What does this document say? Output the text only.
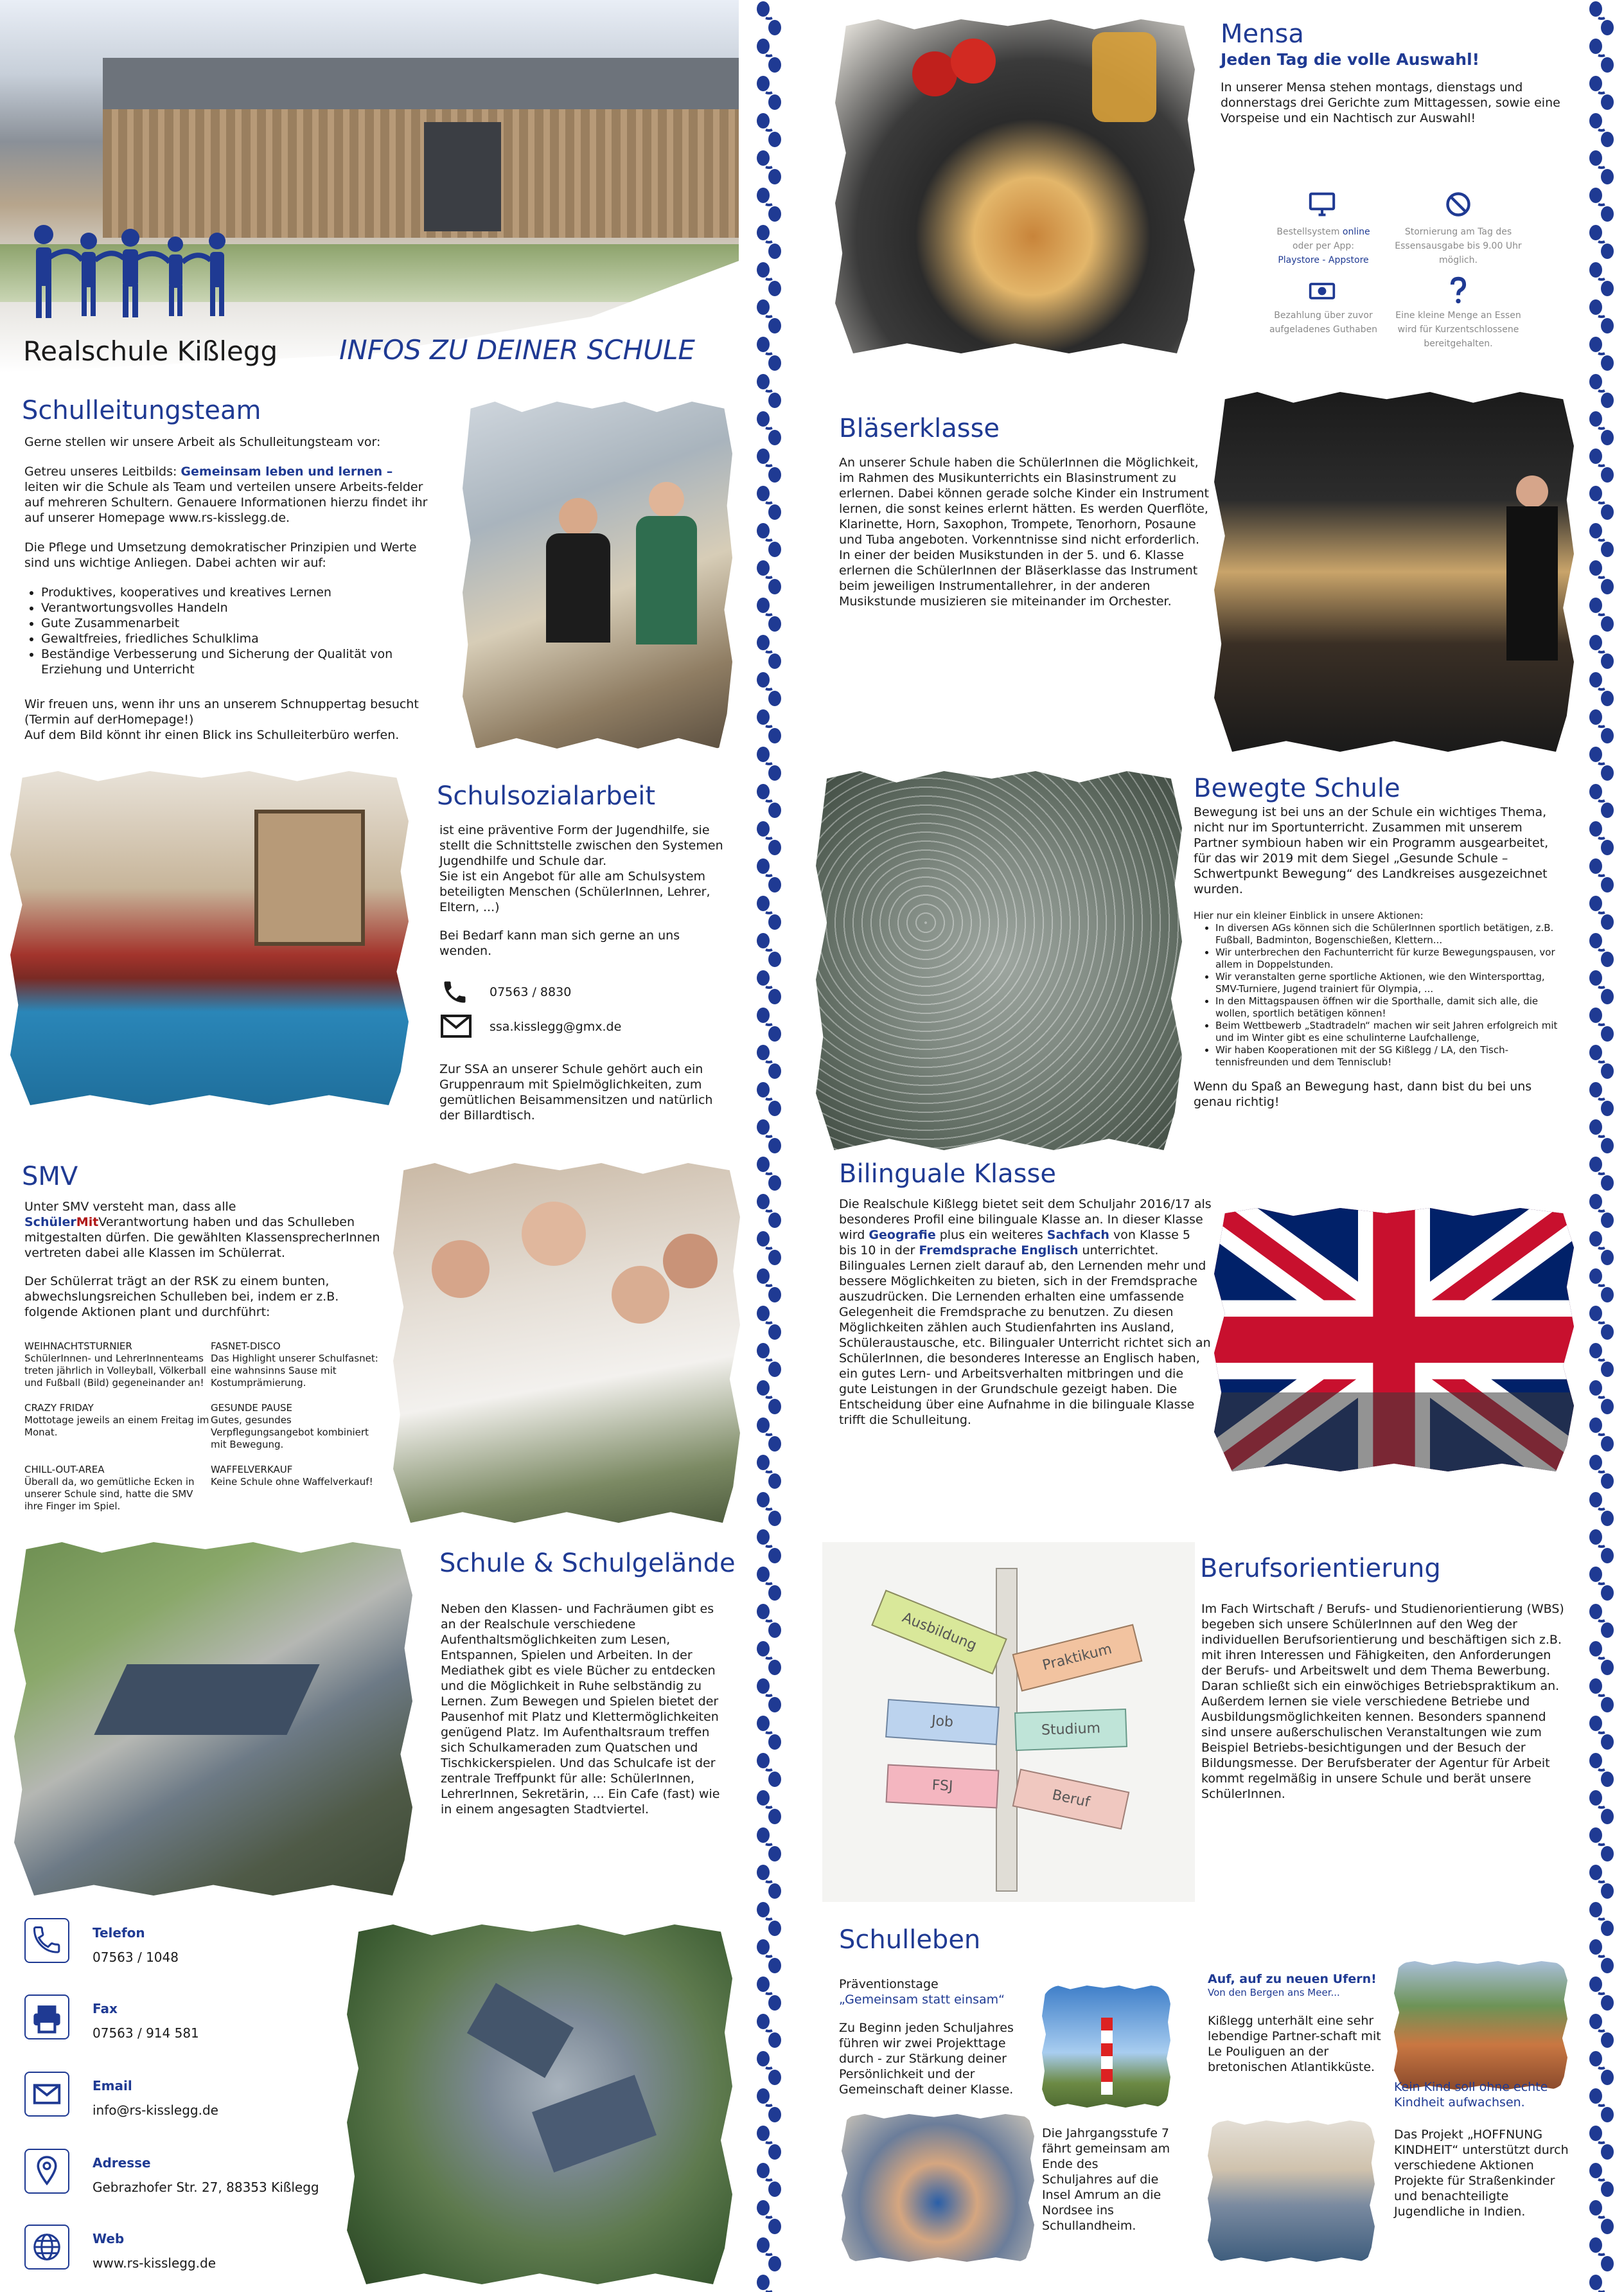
Realschule Kißlegg INFOS ZU DEINER SCHULE
Schulleitungsteam

Gerne stellen wir unsere Arbeit als Schulleitungsteam vor:

Getreu unseres Leitbilds: Gemeinsam leben und lernen – leiten wir die Schule als Team und verteilen unsere Arbeits-felder auf mehreren Schultern. Genauere Informationen hierzu findet ihr auf unserer Homepage www.rs-kisslegg.de.

Die Pflege und Umsetzung demokratischer Prinzipien und Werte sind uns wichtige Anliegen. Dabei achten wir auf:

• Produktives, kooperatives und kreatives Lernen
• Verantwortungsvolles Handeln
• Gute Zusammenarbeit
• Gewaltfreies, friedliches Schulklima
• Beständige Verbesserung und Sicherung der Qualität von Erziehung und Unterricht

Wir freuen uns, wenn ihr uns an unserem Schnuppertag besucht (Termin auf derHomepage!)

Auf dem Bild könnt ihr einen Blick ins Schulleiterbüro werfen.

Schulsozialarbeit

ist eine präventive Form der Jugendhilfe, sie stellt die Schnittstelle zwischen den Systemen Jugendhilfe und Schule dar.

Sie ist ein Angebot für alle am Schulsystem beteiligten Menschen (SchülerInnen, Lehrer, Eltern, ...)

Bei Bedarf kann man sich gerne an uns wenden.

07563 / 8830
ssa.kisslegg@gmx.de

Zur SSA an unserer Schule gehört auch ein Gruppenraum mit Spielmöglichkeiten, zum gemütlichen Beisammensitzen und natürlich der Billardtisch.

SMV

Unter SMV versteht man, dass alle SchülerMitVerantwortung haben und das Schulleben mitgestalten dürfen. Die gewählten KlassensprecherInnen vertreten dabei alle Klassen im Schülerrat.

Der Schülerrat trägt an der RSK zu einem bunten, abwechslungsreichen Schulleben bei, indem er z.B. folgende Aktionen plant und durchführt:

WEIHNACHTSTURNIER
SchülerInnen- und LehrerInnenteams treten jährlich in Volleyball, Völkerball und Fußball (Bild) gegeneinander an!
FASNET-DISCO
Das Highlight unserer Schulfasnet: eine wahnsinns Sause mit Kostumprämierung.
CRAZY FRIDAY
Mottotage jeweils an einem Freitag im Monat.
GESUNDE PAUSE
Gutes, gesundes Verpflegungsangebot kombiniert mit Bewegung.
CHILL-OUT-AREA
Überall da, wo gemütliche Ecken in unserer Schule sind, hatte die SMV ihre Finger im Spiel.
WAFFELVERKAUF
Keine Schule ohne Waffelverkauf!
Schule & Schulgelände

Neben den Klassen- und Fachräumen gibt es an der Realschule verschiedene Aufenthaltsmöglichkeiten zum Lesen, Entspannen, Spielen und Arbeiten. In der Mediathek gibt es viele Bücher zu entdecken und die Möglichkeit in Ruhe selbständig zu Lernen. Zum Bewegen und Spielen bietet der Pausenhof mit Platz und Klettermöglichkeiten genügend Platz. Im Aufenthaltsraum treffen sich Schulkameraden zum Quatschen und Tischkickerspielen. Und das Schulcafe ist der zentrale Treffpunkt für alle: SchülerInnen, LehrerInnen, Sekretärin, ... Ein Cafe (fast) wie in einem angesagten Stadtviertel.

Telefon
07563 / 1048
Fax
07563 / 914 581
Email
info@rs-kisslegg.de
Adresse
Gebrazhofer Str. 27, 88353 Kißlegg
Web
www.rs-kisslegg.de
Mensa
Jeden Tag die volle Auswahl!

In unserer Mensa stehen montags, dienstags und donnerstags drei Gerichte zum Mittagessen, sowie eine Vorspeise und ein Nachtisch zur Auswahl!

Bestellsystem online
oder per App:
Playstore - Appstore
Stornierung am Tag des Essensausgabe bis 9.00 Uhr möglich.
Bezahlung über zuvor aufgeladenes Guthaben
Eine kleine Menge an Essen wird für Kurzentschlossene bereitgehalten.
Bläserklasse

An unserer Schule haben die SchülerInnen die Möglichkeit, im Rahmen des Musikunterrichts ein Blasinstrument zu erlernen. Dabei können gerade solche Kinder ein Instrument lernen, die sonst keines erlernt hätten. Es werden Querflöte, Klarinette, Horn, Saxophon, Trompete, Tenorhorn, Posaune und Tuba angeboten. Vorkenntnisse sind nicht erforderlich. In einer der beiden Musikstunden in der 5. und 6. Klasse erlernen die SchülerInnen der Bläserklasse das Instrument beim jeweiligen Instrumentallehrer, in der anderen Musikstunde musizieren sie miteinander im Orchester.

Bewegte Schule

Bewegung ist bei uns an der Schule ein wichtiges Thema, nicht nur im Sportunterricht. Zusammen mit unserem Partner symbioun haben wir ein Programm ausgearbeitet, für das wir 2019 mit dem Siegel „Gesunde Schule – Schwertpunkt Bewegung“ des Landkreises ausgezeichnet wurden.

Hier nur ein kleiner Einblick in unsere Aktionen:

• In diversen AGs können sich die SchülerInnen sportlich betätigen, z.B. Fußball, Badminton, Bogenschießen, Klettern...
• Wir unterbrechen den Fachunterricht für kurze Bewegungspausen, vor allem in Doppelstunden.
• Wir veranstalten gerne sportliche Aktionen, wie den Wintersporttag, SMV-Turniere, Jugend trainiert für Olympia, ...
• In den Mittagspausen öffnen wir die Sporthalle, damit sich alle, die wollen, sportlich betätigen können!
• Beim Wettbewerb „Stadtradeln“ machen wir seit Jahren erfolgreich mit und im Winter gibt es eine schulinterne Laufchallenge,
• Wir haben Kooperationen mit der SG Kißlegg / LA, den Tisch-tennisfreunden und dem Tennisclub!

Wenn du Spaß an Bewegung hast, dann bist du bei uns genau richtig!

Bilinguale Klasse

Die Realschule Kißlegg bietet seit dem Schuljahr 2016/17 als besonderes Profil eine bilinguale Klasse an. In dieser Klasse wird Geografie plus ein weiteres Sachfach von Klasse 5 bis 10 in der Fremdsprache Englisch unterrichtet.

Bilinguales Lernen zielt darauf ab, den Lernenden mehr und bessere Möglichkeiten zu bieten, sich in der Fremdsprache auszudrücken. Die Lernenden erhalten eine umfassende Gelegenheit die Fremdsprache zu benutzen. Zu diesen Möglichkeiten zählen auch Studienfahrten ins Ausland, Schüleraustausche, etc. Bilingualer Unterricht richtet sich an SchülerInnen, die besonderes Interesse an Englisch haben, ein gutes Lern- und Arbeitsverhalten mitbringen und die gute Leistungen in der Grundschule gezeigt haben. Die Entscheidung über eine Aufnahme in die bilinguale Klasse trifft die Schulleitung.

Ausbildung
Praktikum
Job	Studium
FSJ
Beruf
Berufsorientierung

Im Fach Wirtschaft / Berufs- und Studienorientierung (WBS) begeben sich unsere SchülerInnen auf den Weg der individuellen Berufsorientierung und beschäftigen sich z.B. mit ihren Interessen und Fähigkeiten, den Anforderungen der Berufs- und Arbeitswelt und dem Thema Bewerbung. Daran schließt sich ein einwöchiges Betriebspraktikum an. Außerdem lernen sie viele verschiedene Betriebe und Ausbildungsmöglichkeiten kennen. Besonders spannend sind unsere außerschulischen Veranstaltungen wie zum Beispiel Betriebs-besichtigungen und der Besuch der Bildungsmesse. Der Berufsberater der Agentur für Arbeit kommt regelmäßig in unsere Schule und berät unsere SchülerInnen.

Schulleben

Präventionstage

„Gemeinsam statt einsam“

Zu Beginn jeden Schuljahres führen wir zwei Projekttage durch - zur Stärkung deiner Persönlichkeit und der Gemeinschaft deiner Klasse.

Die Jahrgangsstufe 7 fährt gemeinsam am Ende des Schuljahres auf die Insel Amrum an die Nordsee ins Schullandheim.

Auf, auf zu neuen Ufern!

Von den Bergen ans Meer...

Kißlegg unterhält eine sehr lebendige Partner-schaft mit Le Pouliguen an der bretonischen Atlantikküste.

Kein Kind soll ohne echte Kindheit aufwachsen.

Das Projekt „HOFFNUNG KINDHEIT“ unterstützt durch verschiedene Aktionen Projekte für Straßenkinder und benachteiligte Jugendliche in Indien.
